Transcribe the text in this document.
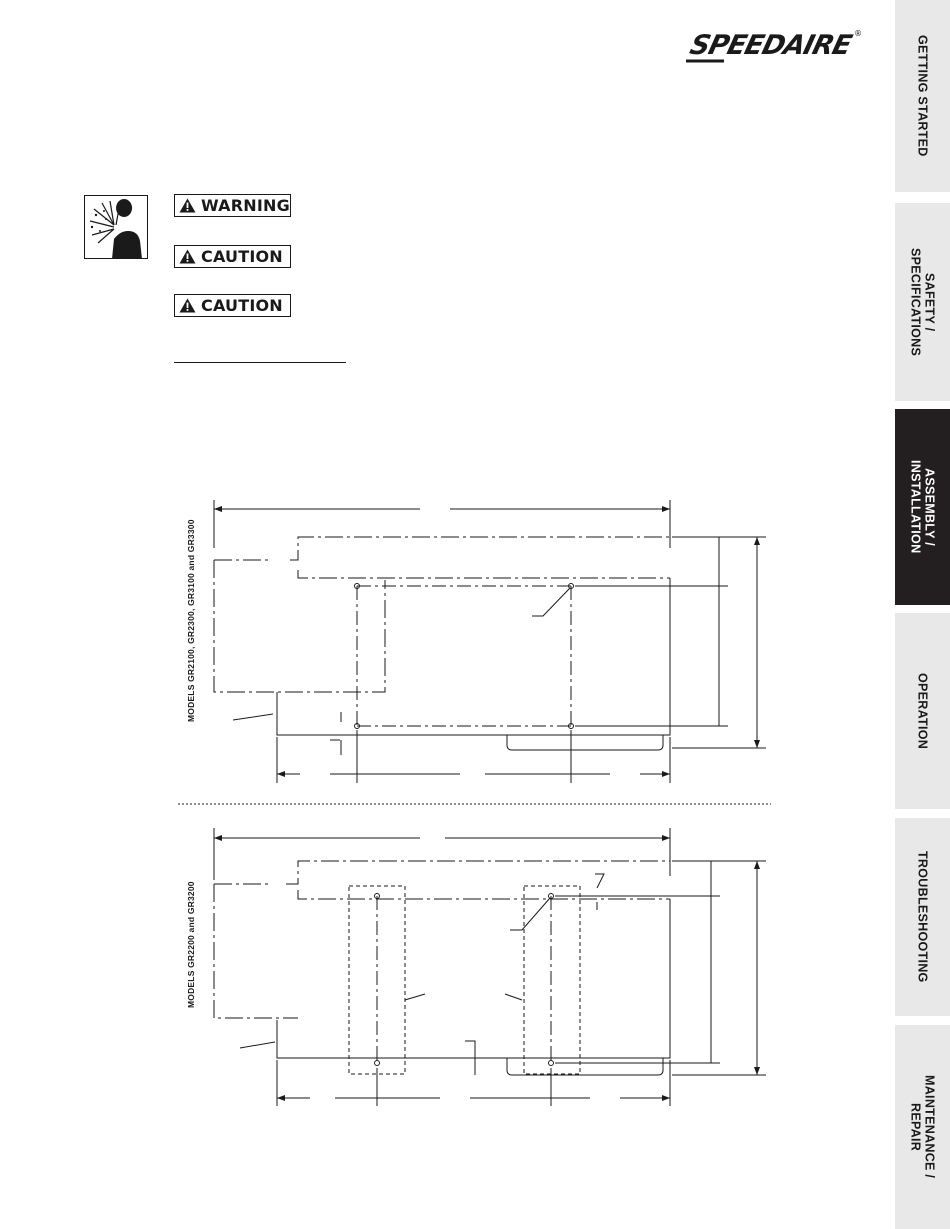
SPEEDAIRE ®
WARNING
CAUTION
CAUTION
MODELS GR2100, GR2300, GR3100 and GR3300
MODELS GR2200 and GR3200
GETTING STARTED
SAFETY /
SPECIFICATIONS
ASSEMBLY /
INSTALLATION
OPERATION
TROUBLESHOOTING
MAINTENANCE /
REPAIR
